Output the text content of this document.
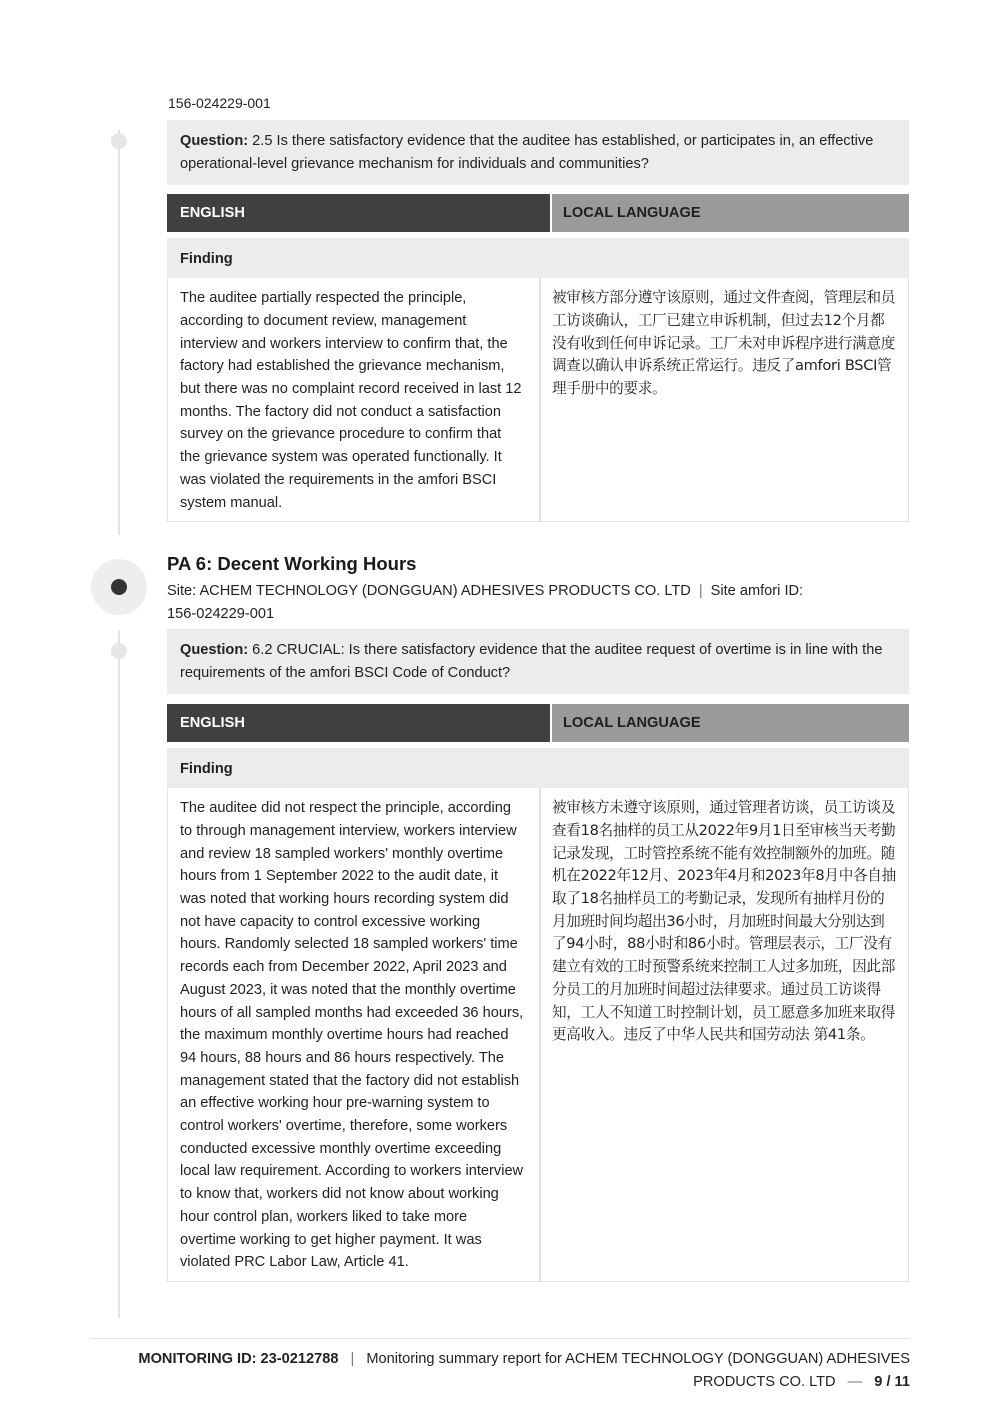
156-024229-001
Question: 2.5 Is there satisfactory evidence that the auditee has established, or participates in, an effective operational-level grievance mechanism for individuals and communities?
ENGLISH	LOCAL LANGUAGE
Finding
The auditee partially respected the principle, according to document review, management interview and workers interview to confirm that, the factory had established the grievance mechanism, but there was no complaint record received in last 12 months. The factory did not conduct a satisfaction survey on the grievance procedure to confirm that the grievance system was operated functionally. It was violated the requirements in the amfori BSCI system manual.
被审核方部分遵守该原则，通过文件查阅，管理层和员工访谈确认，工厂已建立申诉机制，但过去12个月都没有收到任何申诉记录。工厂未对申诉程序进行满意度调查以确认申诉系统正常运行。违反了amfori BSCI管理手册中的要求。
PA 6: Decent Working Hours
Site: ACHEM TECHNOLOGY (DONGGUAN) ADHESIVES PRODUCTS CO. LTD | Site amfori ID:
156-024229-001
Question: 6.2 CRUCIAL: Is there satisfactory evidence that the auditee request of overtime is in line with the requirements of the amfori BSCI Code of Conduct?
ENGLISH	LOCAL LANGUAGE
Finding
The auditee did not respect the principle, according to through management interview, workers interview and review 18 sampled workers' monthly overtime hours from 1 September 2022 to the audit date, it was noted that working hours recording system did not have capacity to control excessive working hours. Randomly selected 18 sampled workers' time records each from December 2022, April 2023 and August 2023, it was noted that the monthly overtime hours of all sampled months had exceeded 36 hours, the maximum monthly overtime hours had reached 94 hours, 88 hours and 86 hours respectively. The management stated that the factory did not establish an effective working hour pre-warning system to control workers' overtime, therefore, some workers conducted excessive monthly overtime exceeding local law requirement. According to workers interview to know that, workers did not know about working hour control plan, workers liked to take more overtime working to get higher payment. It was violated PRC Labor Law, Article 41.
被审核方未遵守该原则，通过管理者访谈，员工访谈及查看18名抽样的员工从2022年9月1日至审核当天考勤记录发现，工时管控系统不能有效控制额外的加班。随机在2022年12月、2023年4月和2023年8月中各自抽取了18名抽样员工的考勤记录，发现所有抽样月份的月加班时间均超出36小时，月加班时间最大分别达到了94小时，88小时和86小时。管理层表示，工厂没有建立有效的工时预警系统来控制工人过多加班，因此部分员工的月加班时间超过法律要求。通过员工访谈得知，工人不知道工时控制计划，员工愿意多加班来取得更高收入。违反了中华人民共和国劳动法 第41条。
MONITORING ID: 23-0212788 | Monitoring summary report for ACHEM TECHNOLOGY (DONGGUAN) ADHESIVES PRODUCTS CO. LTD — 9 / 11
